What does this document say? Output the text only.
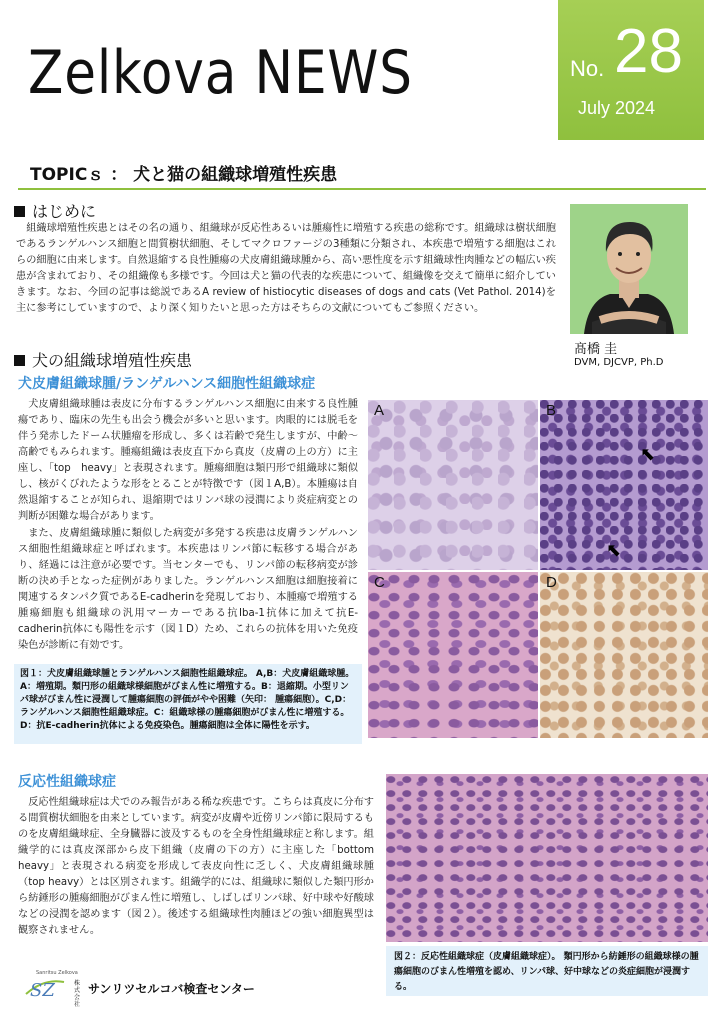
Zelkova NEWS	No. 28
July 2024
TOPICｓ ： 犬と猫の組織球増殖性疾患
はじめに
組織球増殖性疾患とはその名の通り、組織球が反応性あるいは腫瘍性に増殖する疾患の総称です。組織球は樹状細胞であるランゲルハンス細胞と間質樹状細胞、そしてマクロファージの3種類に分類され、本疾患で増殖する細胞はこれらの細胞に由来します。自然退縮する良性腫瘍の犬皮膚組織球腫から、高い悪性度を示す組織球性肉腫などの幅広い疾患が含まれており、その組織像も多様です。今回は犬と猫の代表的な疾患について、組織像を交えて簡単に紹介していきます。なお、今回の記事は総説であるA review of histiocytic diseases of dogs and cats (Vet Pathol. 2014)を主に参考にしていますので、より深く知りたいと思った方はそちらの文献についてもご参照ください。
髙橋 圭
DVM, DJCVP, Ph.D
犬の組織球増殖性疾患
犬皮膚組織球腫/ランゲルハンス細胞性組織球症
犬皮膚組織球腫は表皮に分布するランゲルハンス細胞に由来する良性腫瘍であり、臨床の先生も出会う機会が多いと思います。肉眼的には脱毛を伴う発赤したドーム状腫瘤を形成し、多くは若齢で発生しますが、中齢～高齢でもみられます。腫瘍組織は表皮直下から真皮（皮膚の上の方）に主座し、「top　heavy」と表現されます。腫瘍細胞は類円形で組織球に類似し、核がくびれたような形をとることが特徴です（図１A,B）。本腫瘍は自然退縮することが知られ、退縮期ではリンパ球の浸潤により炎症病変との判断が困難な場合があります。
また、皮膚組織球腫に類似した病変が多発する疾患は皮膚ランゲルハンス細胞性組織球症と呼ばれます。本疾患はリンパ節に転移する場合があり、経過には注意が必要です。当センターでも、リンパ節の転移病変が診断の決め手となった症例がありました。ランゲルハンス細胞は細胞接着に関連するタンパク質であるE-cadherinを発現しており、本腫瘍で増殖する腫瘍細胞も組織球の汎用マーカーである抗Iba-1抗体に加えて抗E-cadherin抗体にも陽性を示す（図１D）ため、これらの抗体を用いた免疫染色が診断に有効です。
A	B
⬉
⬉
C	D
図１：犬皮膚組織球腫とランゲルハンス細胞性組織球症。 A,B：犬皮膚組織球腫。A：増殖期。類円形の組織球様細胞がびまん性に増殖する。B：退縮期。小型リンパ球がびまん性に浸潤して腫瘍細胞の評価がやや困難（矢印： 腫瘍細胞）。C,D：ランゲルハンス細胞性組織球症。C：組織球様の腫瘍細胞がびまん性に増殖する。D：抗E-cadherin抗体による免疫染色。腫瘍細胞は全体に陽性を示す。
反応性組織球症
反応性組織球症は犬でのみ報告がある稀な疾患です。こちらは真皮に分布する間質樹状細胞を由来としています。病変が皮膚や近傍リンパ節に限局するものを皮膚組織球症、全身臓器に波及するものを全身性組織球症と称します。組織学的には真皮深部から皮下組織（皮膚の下の方）に主座した「bottom　heavy」と表現される病変を形成して表皮向性に乏しく、犬皮膚組織球腫（top heavy）とは区別されます。組織学的には、組織球に類似した類円形から紡錘形の腫瘍細胞がびまん性に増殖し、しばしばリンパ球、好中球や好酸球などの浸潤を認めます（図２）。後述する組織球性肉腫ほどの強い細胞異型は観察されません。
図２：反応性組織球症（皮膚組織球症）。 類円形から紡錘形の組織球様の腫瘍細胞のびまん性増殖を認め、リンパ球、好中球などの炎症細胞が浸潤する。
SZ
Sanritsu Zelkova
株式会社
サンリツセルコバ検査センター
